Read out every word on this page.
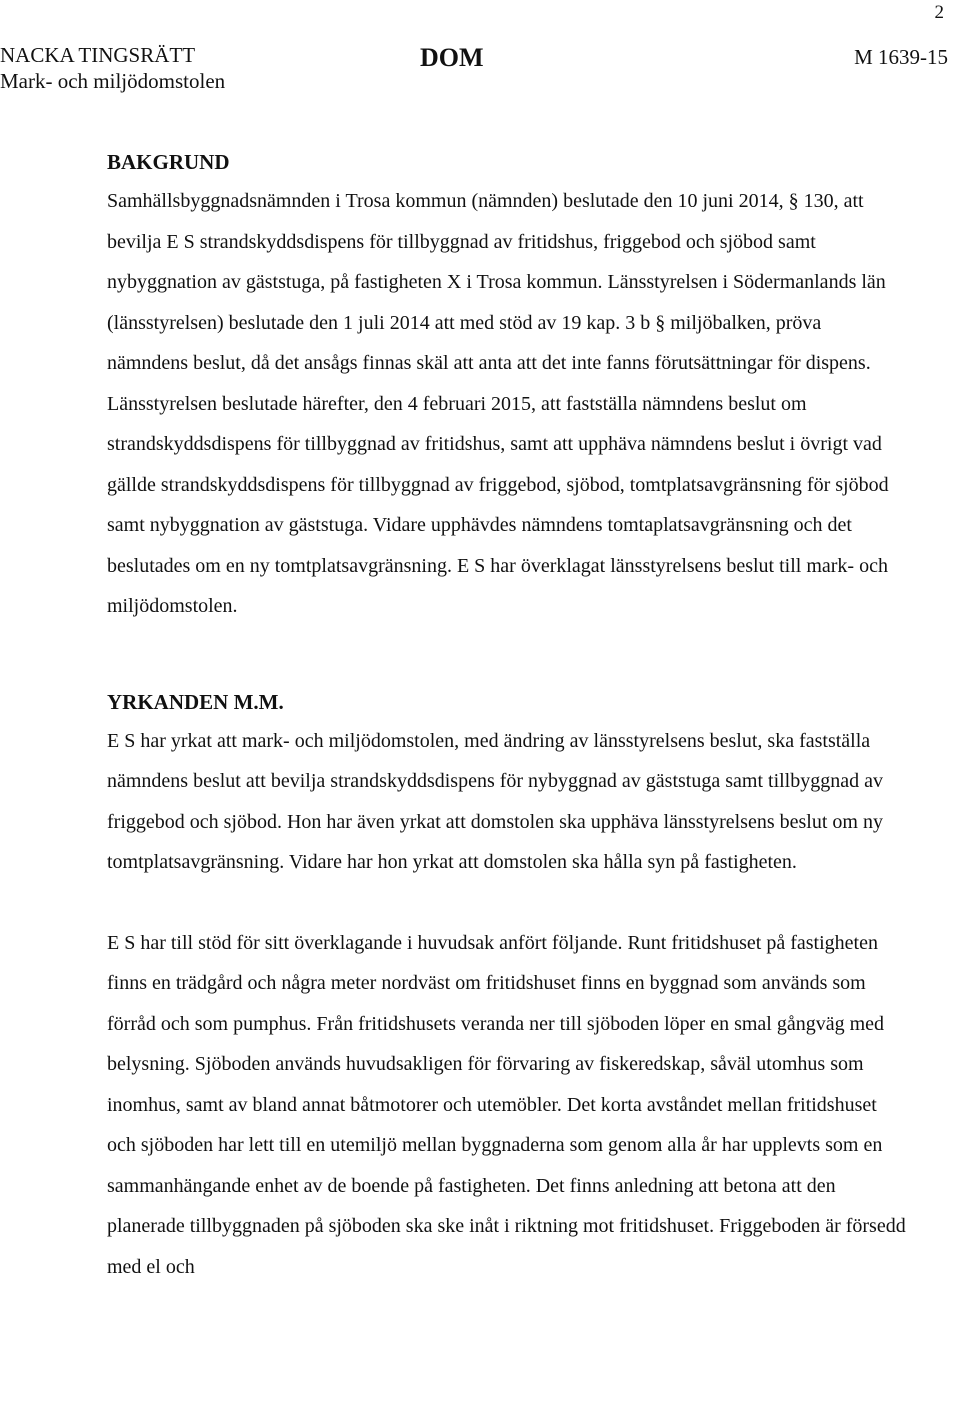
2
NACKA TINGSRÄTT
Mark- och miljödomstolen
DOM	M 1639-15
BAKGRUND

Samhällsbyggnadsnämnden i Trosa kommun (nämnden) beslutade den 10 juni 2014, § 130, att bevilja E S strandskyddsdispens för tillbyggnad av fritidshus, friggebod och sjöbod samt nybyggnation av gäststuga, på fastigheten X i Trosa kommun. Länsstyrelsen i Södermanlands län (länsstyrelsen) beslutade den 1 juli 2014 att med stöd av 19 kap. 3 b § miljöbalken, pröva nämndens beslut, då det ansågs finnas skäl att anta att det inte fanns förutsättningar för dispens. Länsstyrelsen beslutade härefter, den 4 februari 2015, att fastställa nämndens beslut om strandskyddsdispens för tillbyggnad av fritidshus, samt att upphäva nämndens beslut i övrigt vad gällde strandskyddsdispens för tillbyggnad av friggebod, sjöbod, tomtplatsavgränsning för sjöbod samt nybyggnation av gäststuga. Vidare upphävdes nämndens tomtaplatsavgränsning och det beslutades om en ny tomtplatsavgränsning. E S har överklagat länsstyrelsens beslut till mark- och miljödomstolen.

YRKANDEN M.M.

E S har yrkat att mark- och miljödomstolen, med ändring av länsstyrelsens beslut, ska fastställa nämndens beslut att bevilja strandskyddsdispens för nybyggnad av gäststuga samt tillbyggnad av friggebod och sjöbod. Hon har även yrkat att domstolen ska upphäva länsstyrelsens beslut om ny tomtplatsavgränsning. Vidare har hon yrkat att domstolen ska hålla syn på fastigheten.

E S har till stöd för sitt överklagande i huvudsak anfört följande. Runt fritidshuset på fastigheten finns en trädgård och några meter nordväst om fritidshuset finns en byggnad som används som förråd och som pumphus. Från fritidshusets veranda ner till sjöboden löper en smal gångväg med belysning. Sjöboden används huvudsakligen för förvaring av fiskeredskap, såväl utomhus som inomhus, samt av bland annat båtmotorer och utemöbler. Det korta avståndet mellan fritidshuset och sjöboden har lett till en utemiljö mellan byggnaderna som genom alla år har upplevts som en sammanhängande enhet av de boende på fastigheten. Det finns anledning att betona att den planerade tillbyggnaden på sjöboden ska ske inåt i riktning mot fritidshuset. Friggeboden är försedd med el och
